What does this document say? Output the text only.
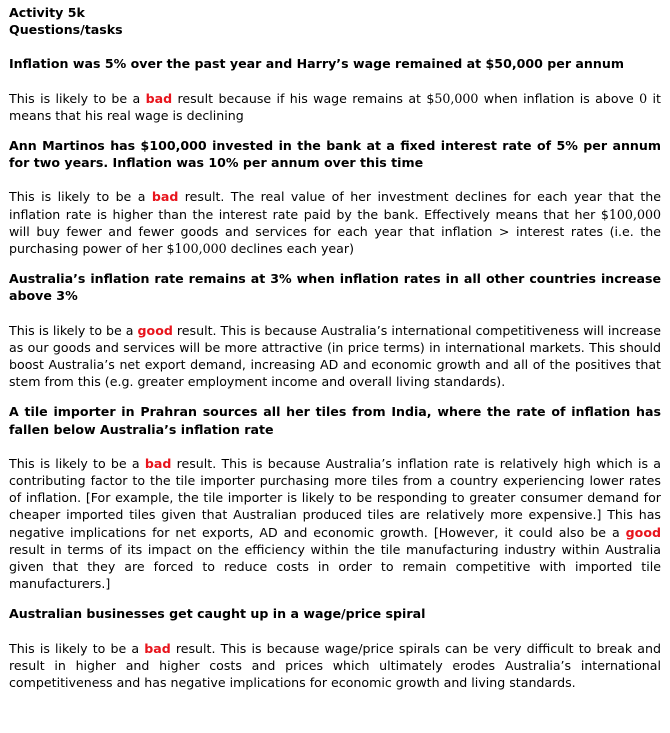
Activity 5k

Questions/tasks

Inflation was 5% over the past year and Harry’s wage remained at $50,000 per annum

This is likely to be a bad result because if his wage remains at $50,000 when inflation is above 0 it means that his real wage is declining

Ann Martinos has $100,000 invested in the bank at a fixed interest rate of 5% per annum for two years. Inflation was 10% per annum over this time

This is likely to be a bad result. The real value of her investment declines for each year that the inflation rate is higher than the interest rate paid by the bank. Effectively means that her $100,000 will buy fewer and fewer goods and services for each year that inflation > interest rates (i.e. the purchasing power of her $100,000 declines each year)

Australia’s inflation rate remains at 3% when inflation rates in all other countries increase above 3%

This is likely to be a good result. This is because Australia’s international competitiveness will increase as our goods and services will be more attractive (in price terms) in international markets. This should boost Australia’s net export demand, increasing AD and economic growth and all of the positives that stem from this (e.g. greater employment income and overall living standards).

A tile importer in Prahran sources all her tiles from India, where the rate of inflation has fallen below Australia’s inflation rate

This is likely to be a bad result. This is because Australia’s inflation rate is relatively high which is a contributing factor to the tile importer purchasing more tiles from a country experiencing lower rates of inflation. [For example, the tile importer is likely to be responding to greater consumer demand for cheaper imported tiles given that Australian produced tiles are relatively more expensive.] This has negative implications for net exports, AD and economic growth. [However, it could also be a good result in terms of its impact on the efficiency within the tile manufacturing industry within Australia given that they are forced to reduce costs in order to remain competitive with imported tile manufacturers.]

Australian businesses get caught up in a wage/price spiral

This is likely to be a bad result. This is because wage/price spirals can be very difficult to break and result in higher and higher costs and prices which ultimately erodes Australia’s international competitiveness and has negative implications for economic growth and living standards.
